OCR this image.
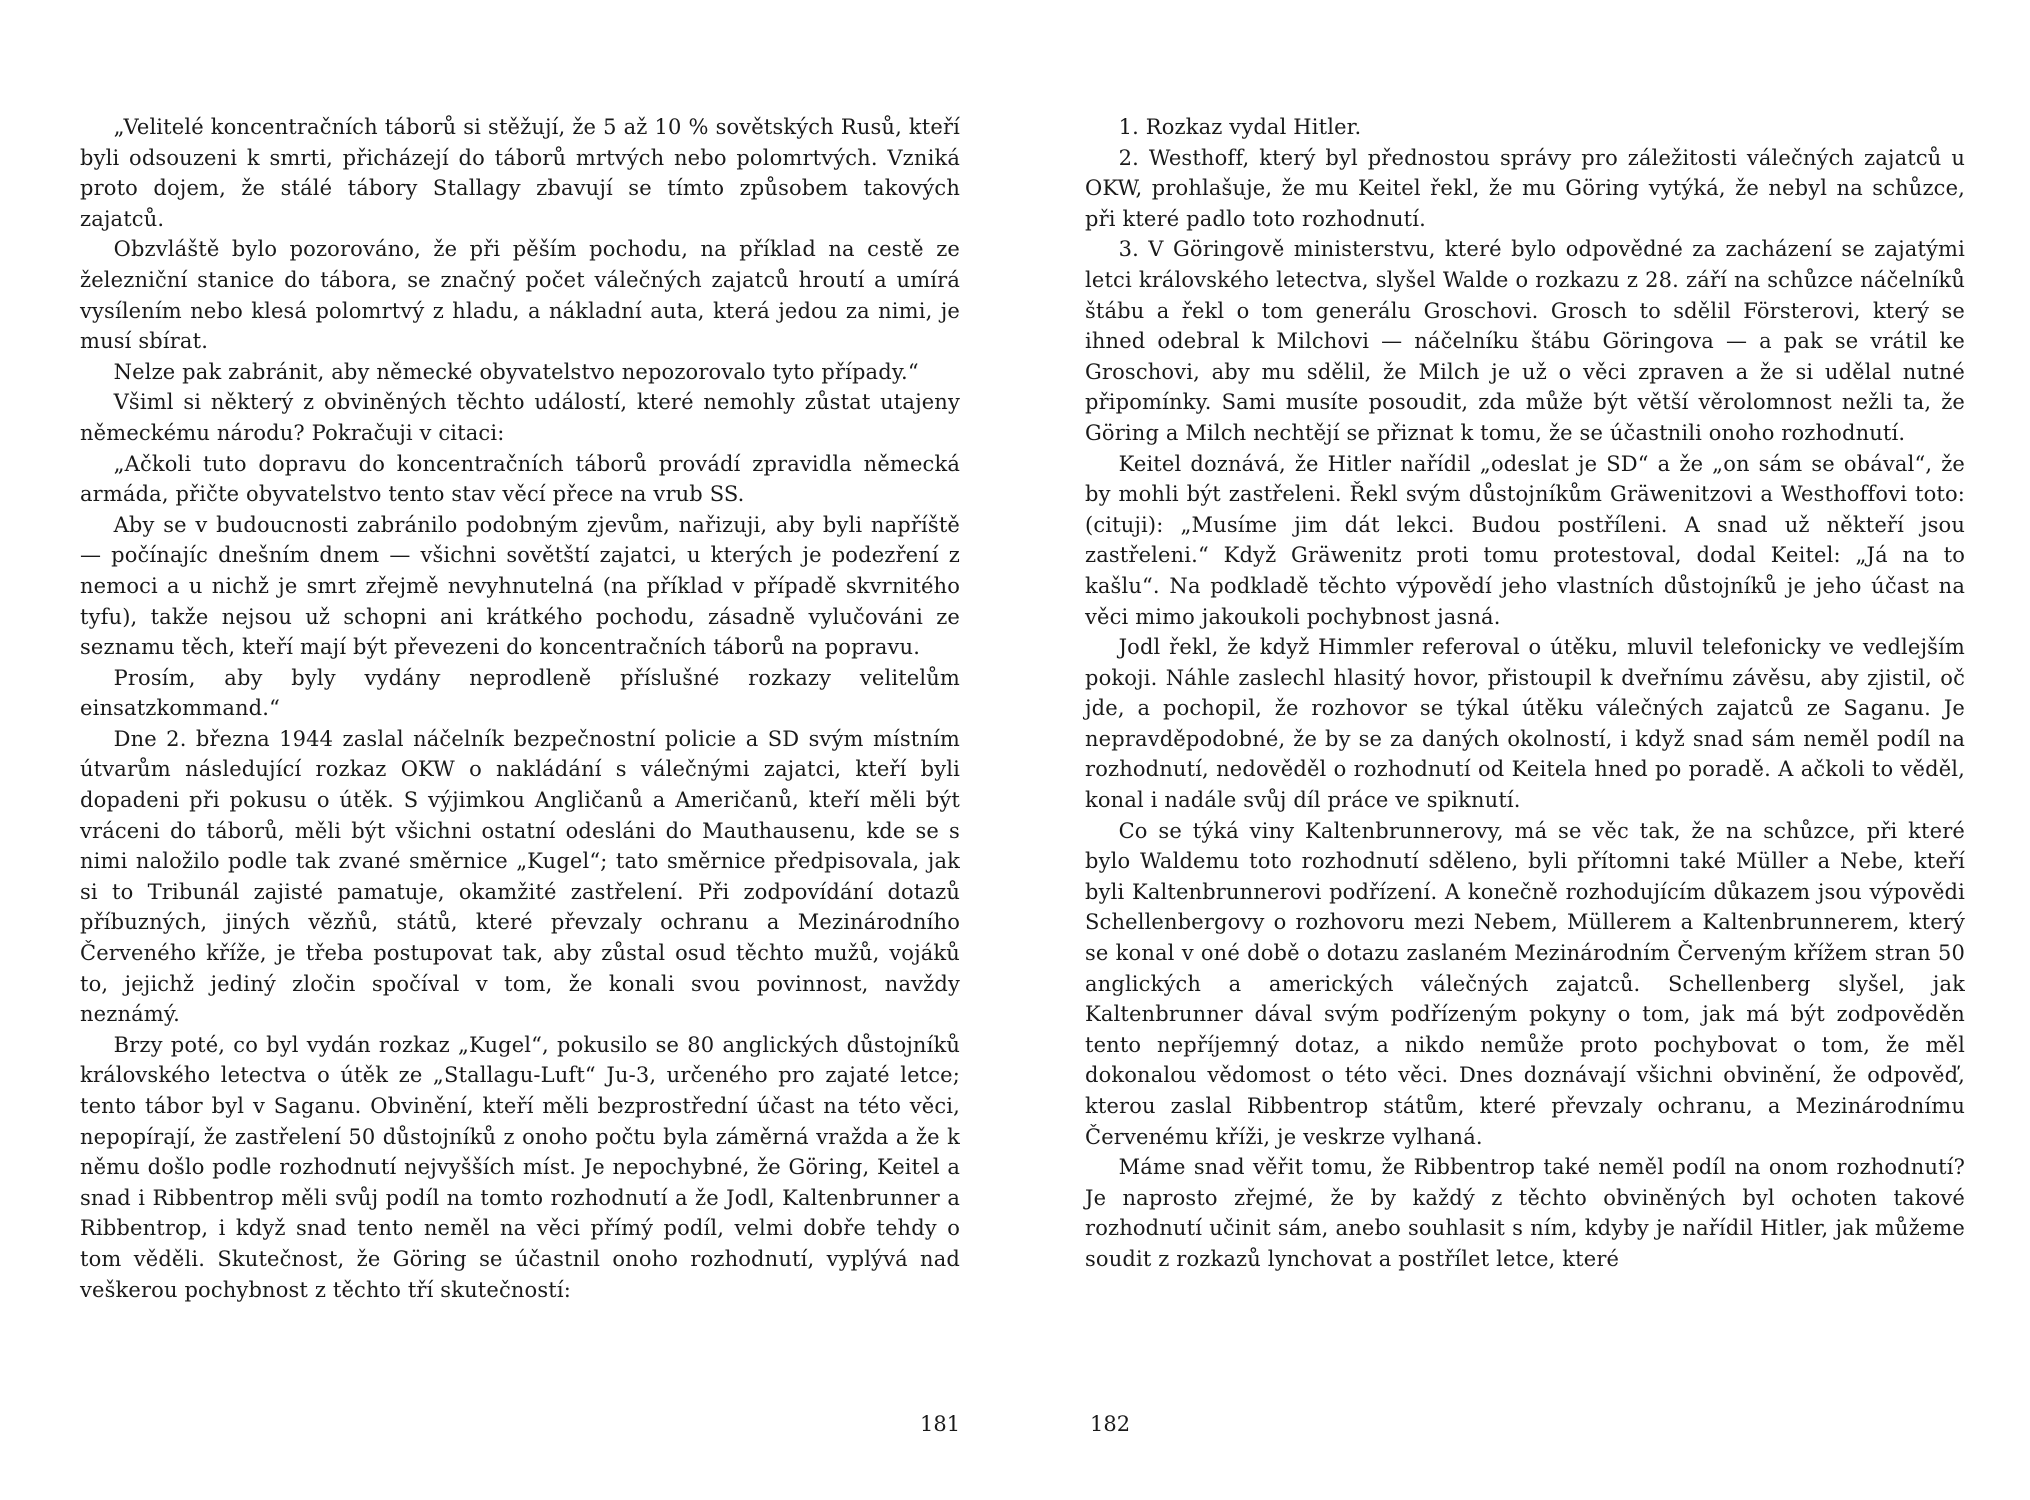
„Velitelé koncentračních táborů si stěžují, že 5 až 10 % sovětských Rusů, kteří byli odsouzeni k smrti, přicházejí do táborů mrtvých nebo polomrtvých. Vzniká proto dojem, že stálé tábory Stallagy zbavují se tímto způsobem takových zajatců.

Obzvláště bylo pozorováno, že při pěším pochodu, na příklad na cestě ze železniční stanice do tábora, se značný počet válečných zajatců hroutí a umírá vysílením nebo klesá polomrtvý z hladu, a nákladní auta, která jedou za nimi, je musí sbírat.

Nelze pak zabránit, aby německé obyvatelstvo nepozorovalo tyto případy.“

Všiml si některý z obviněných těchto událostí, které nemohly zůstat utajeny německému národu? Pokračuji v citaci:

„Ačkoli tuto dopravu do koncentračních táborů provádí zpravidla německá armáda, přičte obyvatelstvo tento stav věcí přece na vrub SS.

Aby se v budoucnosti zabránilo podobným zjevům, nařizuji, aby byli napříště — počínajíc dnešním dnem — všichni sovětští zajatci, u kterých je podezření z nemoci a u nichž je smrt zřejmě nevyhnutelná (na příklad v případě skvrnitého tyfu), takže nejsou už schopni ani krátkého pochodu, zásadně vylučováni ze seznamu těch, kteří mají být převezeni do koncentračních táborů na popravu.

Prosím, aby byly vydány neprodleně příslušné rozkazy velitelům einsatzkommand.“

Dne 2. března 1944 zaslal náčelník bezpečnostní policie a SD svým místním útvarům následující rozkaz OKW o nakládání s válečnými zajatci, kteří byli dopadeni při pokusu o útěk. S výjimkou Angličanů a Američanů, kteří měli být vráceni do táborů, měli být všichni ostatní odesláni do Mauthausenu, kde se s nimi naložilo podle tak zvané směrnice „Kugel“; tato směrnice předpisovala, jak si to Tribunál zajisté pamatuje, okamžité zastřelení. Při zodpovídání dotazů příbuzných, jiných vězňů, států, které převzaly ochranu a Mezinárodního Červeného kříže, je třeba postupovat tak, aby zůstal osud těchto mužů, vojáků to, jejichž jediný zločin spočíval v tom, že konali svou povinnost, navždy neznámý.

Brzy poté, co byl vydán rozkaz „Kugel“, pokusilo se 80 anglických důstojníků královského letectva o útěk ze „Stallagu-Luft“ Ju-3, určeného pro zajaté letce; tento tábor byl v Saganu. Obvinění, kteří měli bezprostřední účast na této věci, nepopírají, že zastřelení 50 důstojníků z onoho počtu byla záměrná vražda a že k němu došlo podle rozhodnutí nejvyšších míst. Je nepochybné, že Göring, Keitel a snad i Ribbentrop měli svůj podíl na tomto rozhodnutí a že Jodl, Kaltenbrunner a Ribbentrop, i když snad tento neměl na věci přímý podíl, velmi dobře tehdy o tom věděli. Skutečnost, že Göring se účastnil onoho rozhodnutí, vyplývá nad veškerou pochybnost z těchto tří skutečností:

181

1. Rozkaz vydal Hitler.

2. Westhoff, který byl přednostou správy pro záležitosti válečných zajatců u OKW, prohlašuje, že mu Keitel řekl, že mu Göring vytýká, že nebyl na schůzce, při které padlo toto rozhodnutí.

3. V Göringově ministerstvu, které bylo odpovědné za zacházení se zajatými letci královského letectva, slyšel Walde o rozkazu z 28. září na schůzce náčelníků štábu a řekl o tom generálu Groschovi. Grosch to sdělil Försterovi, který se ihned odebral k Milchovi — náčelníku štábu Göringova — a pak se vrátil ke Groschovi, aby mu sdělil, že Milch je už o věci zpraven a že si udělal nutné připomínky. Sami musíte posoudit, zda může být větší věrolomnost nežli ta, že Göring a Milch nechtějí se přiznat k tomu, že se účastnili onoho rozhodnutí.

Keitel doznává, že Hitler nařídil „odeslat je SD“ a že „on sám se obával“, že by mohli být zastřeleni. Řekl svým důstojníkům Gräwenitzovi a Westhoffovi toto: (cituji): „Musíme jim dát lekci. Budou postříleni. A snad už někteří jsou zastřeleni.“ Když Gräwenitz proti tomu protestoval, dodal Keitel: „Já na to kašlu“. Na podkladě těchto výpovědí jeho vlastních důstojníků je jeho účast na věci mimo jakoukoli pochybnost jasná.

Jodl řekl, že když Himmler referoval o útěku, mluvil telefonicky ve vedlejším pokoji. Náhle zaslechl hlasitý hovor, přistoupil k dveřnímu závěsu, aby zjistil, oč jde, a pochopil, že rozhovor se týkal útěku válečných zajatců ze Saganu. Je nepravděpodobné, že by se za daných okolností, i když snad sám neměl podíl na rozhodnutí, nedověděl o rozhodnutí od Keitela hned po poradě. A ačkoli to věděl, konal i nadále svůj díl práce ve spiknutí.

Co se týká viny Kaltenbrunnerovy, má se věc tak, že na schůzce, při které bylo Waldemu toto rozhodnutí sděleno, byli přítomni také Müller a Nebe, kteří byli Kaltenbrunnerovi podřízení. A konečně rozhodujícím důkazem jsou výpovědi Schellenbergovy o rozhovoru mezi Nebem, Müllerem a Kaltenbrunnerem, který se konal v oné době o dotazu zaslaném Mezinárodním Červeným křížem stran 50 anglických a amerických válečných zajatců. Schellenberg slyšel, jak Kaltenbrunner dával svým podřízeným pokyny o tom, jak má být zodpověděn tento nepříjemný dotaz, a nikdo nemůže proto pochybovat o tom, že měl dokonalou vědomost o této věci. Dnes doznávají všichni obvinění, že odpověď, kterou zaslal Ribbentrop státům, které převzaly ochranu, a Mezinárodnímu Červenému kříži, je veskrze vylhaná.

Máme snad věřit tomu, že Ribbentrop také neměl podíl na onom rozhodnutí? Je naprosto zřejmé, že by každý z těchto obviněných byl ochoten takové rozhodnutí učinit sám, anebo souhlasit s ním, kdyby je nařídil Hitler, jak můžeme soudit z rozkazů lynchovat a postřílet letce, které

182
